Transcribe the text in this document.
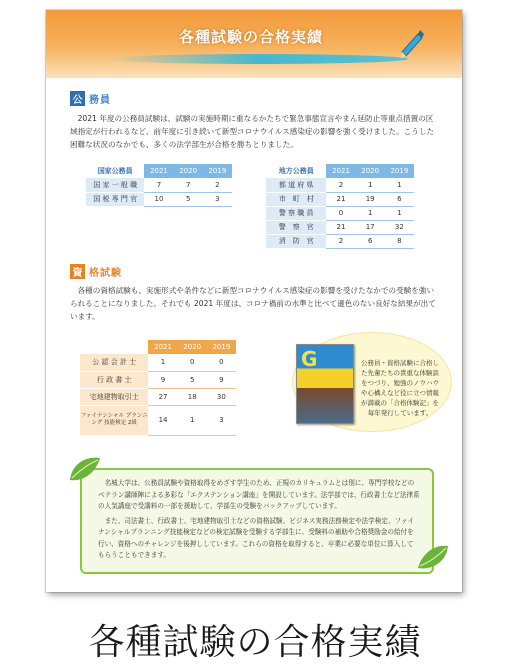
各種試験の合格実績
公 務員

2021 年度の公務員試験は、試験の実施時期に重なるかたちで緊急事態宣言やまん延防止等重点措置の区域指定が行われるなど、前年度に引き続いて新型コロナウイルス感染症の影響を強く受けました。こうした困難な状況のなかでも、多くの法学部生が合格を勝ちとりました。

国家公務員	2021	2020	2019
国 家 一 般 職	7	7	2
国 税 専 門 官	10	5	3
地方公務員	2021	2020	2019
都 道 府 県	2	1	1
市　町　村	21	19	6
警 察 職 員	0	1	1
警　察　官	21	17	32
消　防　官	2	6	8
資 格試験

各種の資格試験も、実施形式や条件などに新型コロナウイルス感染症の影響を受けたなかでの受験を強いられることになりました。それでも 2021 年度は、コロナ禍前の水準と比べて遜色のない良好な結果が出ています。

	2021	2020	2019
公 認 会 計 士	1	0	0
行 政 書 士	9	5	9
宅地建物取引士	27	18	30
ファイナンシャル プランニング 技能検定 2級	14	1	3
G	公務員・資格試験に合格した先輩たちの貴重な体験談をつづり、勉強のノウハウや心構えなど役に立つ情報が満載の「合格体験記」を毎年発行しています。

名城大学は、公務員試験や資格取得をめざす学生のため、正規のカリキュラムとは別に、専門学校などのベテラン講師陣による多彩な「エクステンション講座」を開設しています。法学部では、行政書士など法律系の人気講座で受講料の一部を援助して、学部生の受験をバックアップしています。

また、司法書士、行政書士、宅地建物取引士などの資格試験、ビジネス実務法務検定や法学検定、ファイナンシャルプランニング技能検定などの検定試験を受験する学部生に、受験料の補助や合格奨励金の給付を行い、資格へのチャレンジを後押ししています。これらの資格を取得すると、卒業に必要な単位に算入してもらうこともできます。

各種試験の合格実績
